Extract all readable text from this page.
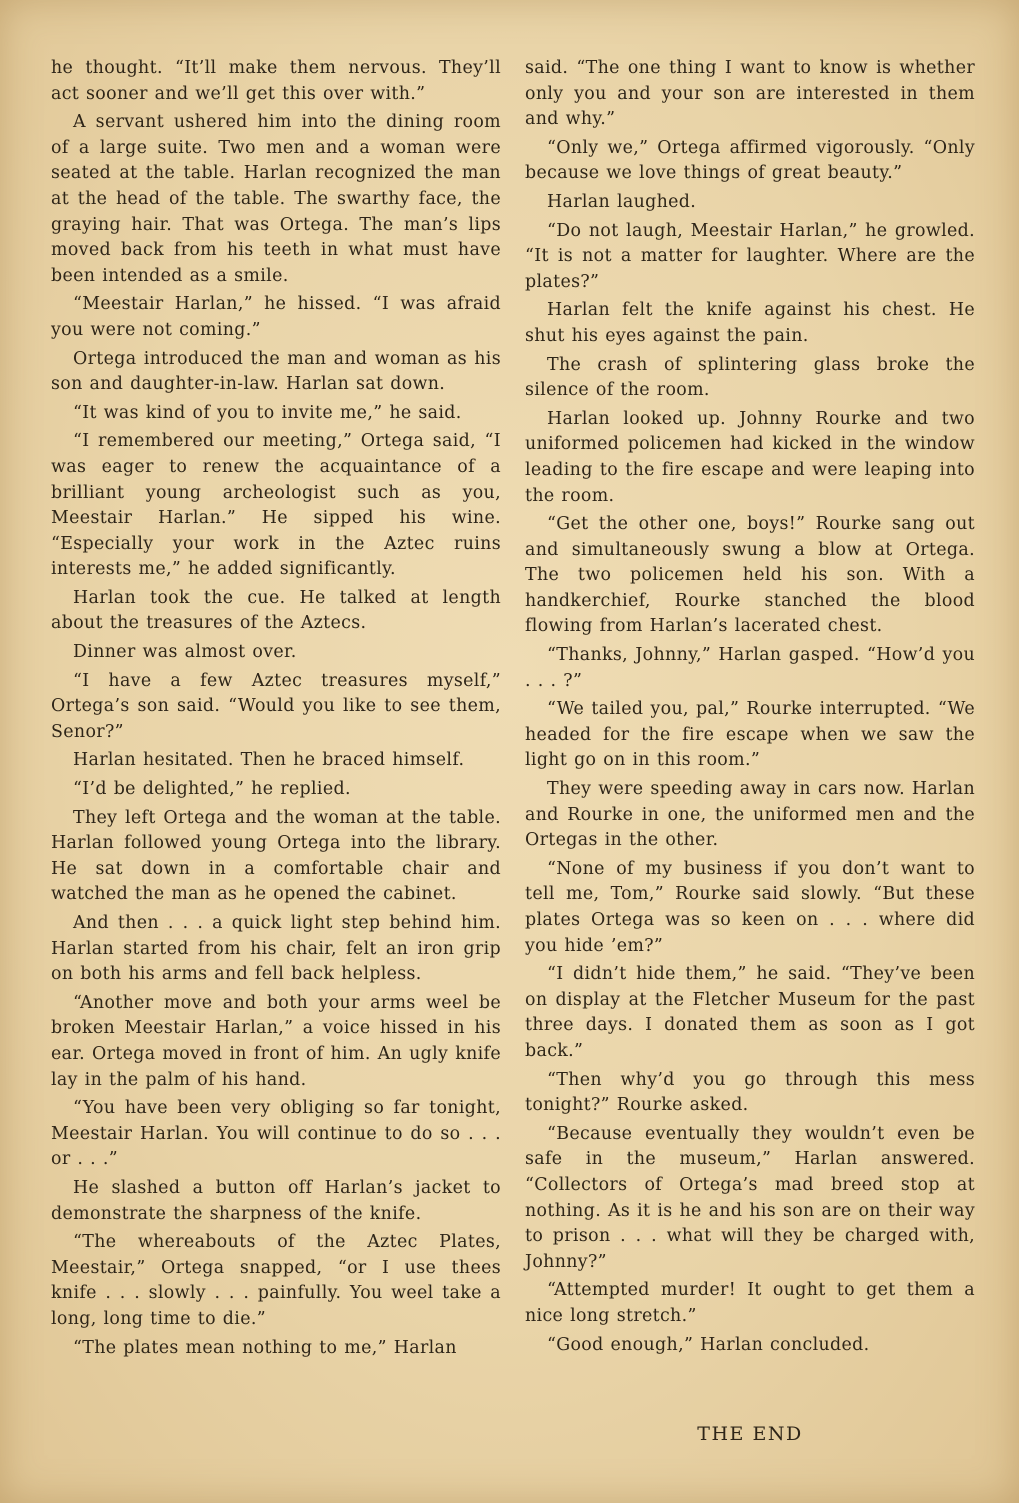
he thought. “It’ll make them nervous. They’ll act sooner and we’ll get this over with.”

A servant ushered him into the dining room of a large suite. Two men and a woman were seated at the table. Harlan recognized the man at the head of the table. The swarthy face, the graying hair. That was Ortega. The man’s lips moved back from his teeth in what must have been intended as a smile.

“Meestair Harlan,” he hissed. “I was afraid you were not coming.”

Ortega introduced the man and woman as his son and daughter-in-law. Harlan sat down.

“It was kind of you to invite me,” he said.

“I remembered our meeting,” Ortega said, “I was eager to renew the acquaintance of a brilliant young archeologist such as you, Meestair Harlan.” He sipped his wine. “Especially your work in the Aztec ruins interests me,” he added significantly.

Harlan took the cue. He talked at length about the treasures of the Aztecs.

Dinner was almost over.

“I have a few Aztec treasures myself,” Ortega’s son said. “Would you like to see them, Senor?”

Harlan hesitated. Then he braced himself.

“I’d be delighted,” he replied.

They left Ortega and the woman at the table. Harlan followed young Ortega into the library. He sat down in a comfortable chair and watched the man as he opened the cabinet.

And then . . . a quick light step behind him. Harlan started from his chair, felt an iron grip on both his arms and fell back helpless.

“Another move and both your arms weel be broken Meestair Harlan,” a voice hissed in his ear. Ortega moved in front of him. An ugly knife lay in the palm of his hand.

“You have been very obliging so far tonight, Meestair Harlan. You will continue to do so . . . or . . .”

He slashed a button off Harlan’s jacket to demonstrate the sharpness of the knife.

“The whereabouts of the Aztec Plates, Meestair,” Ortega snapped, “or I use thees knife . . . slowly . . . painfully. You weel take a long, long time to die.”

“The plates mean nothing to me,” Harlan

said. “The one thing I want to know is whether only you and your son are interested in them and why.”

“Only we,” Ortega affirmed vigorously. “Only because we love things of great beauty.”

Harlan laughed.

“Do not laugh, Meestair Harlan,” he growled. “It is not a matter for laughter. Where are the plates?”

Harlan felt the knife against his chest. He shut his eyes against the pain.

The crash of splintering glass broke the silence of the room.

Harlan looked up. Johnny Rourke and two uniformed policemen had kicked in the window leading to the fire escape and were leaping into the room.

“Get the other one, boys!” Rourke sang out and simultaneously swung a blow at Ortega. The two policemen held his son. With a handkerchief, Rourke stanched the blood flowing from Harlan’s lacerated chest.

“Thanks, Johnny,” Harlan gasped. “How’d you . . . ?”

“We tailed you, pal,” Rourke interrupted. “We headed for the fire escape when we saw the light go on in this room.”

They were speeding away in cars now. Harlan and Rourke in one, the uniformed men and the Ortegas in the other.

“None of my business if you don’t want to tell me, Tom,” Rourke said slowly. “But these plates Ortega was so keen on . . . where did you hide ’em?”

“I didn’t hide them,” he said. “They’ve been on display at the Fletcher Museum for the past three days. I donated them as soon as I got back.”

“Then why’d you go through this mess tonight?” Rourke asked.

“Because eventually they wouldn’t even be safe in the museum,” Harlan answered. “Collectors of Ortega’s mad breed stop at nothing. As it is he and his son are on their way to prison . . . what will they be charged with, Johnny?”

“Attempted murder! It ought to get them a nice long stretch.”

“Good enough,” Harlan concluded.

THE END
